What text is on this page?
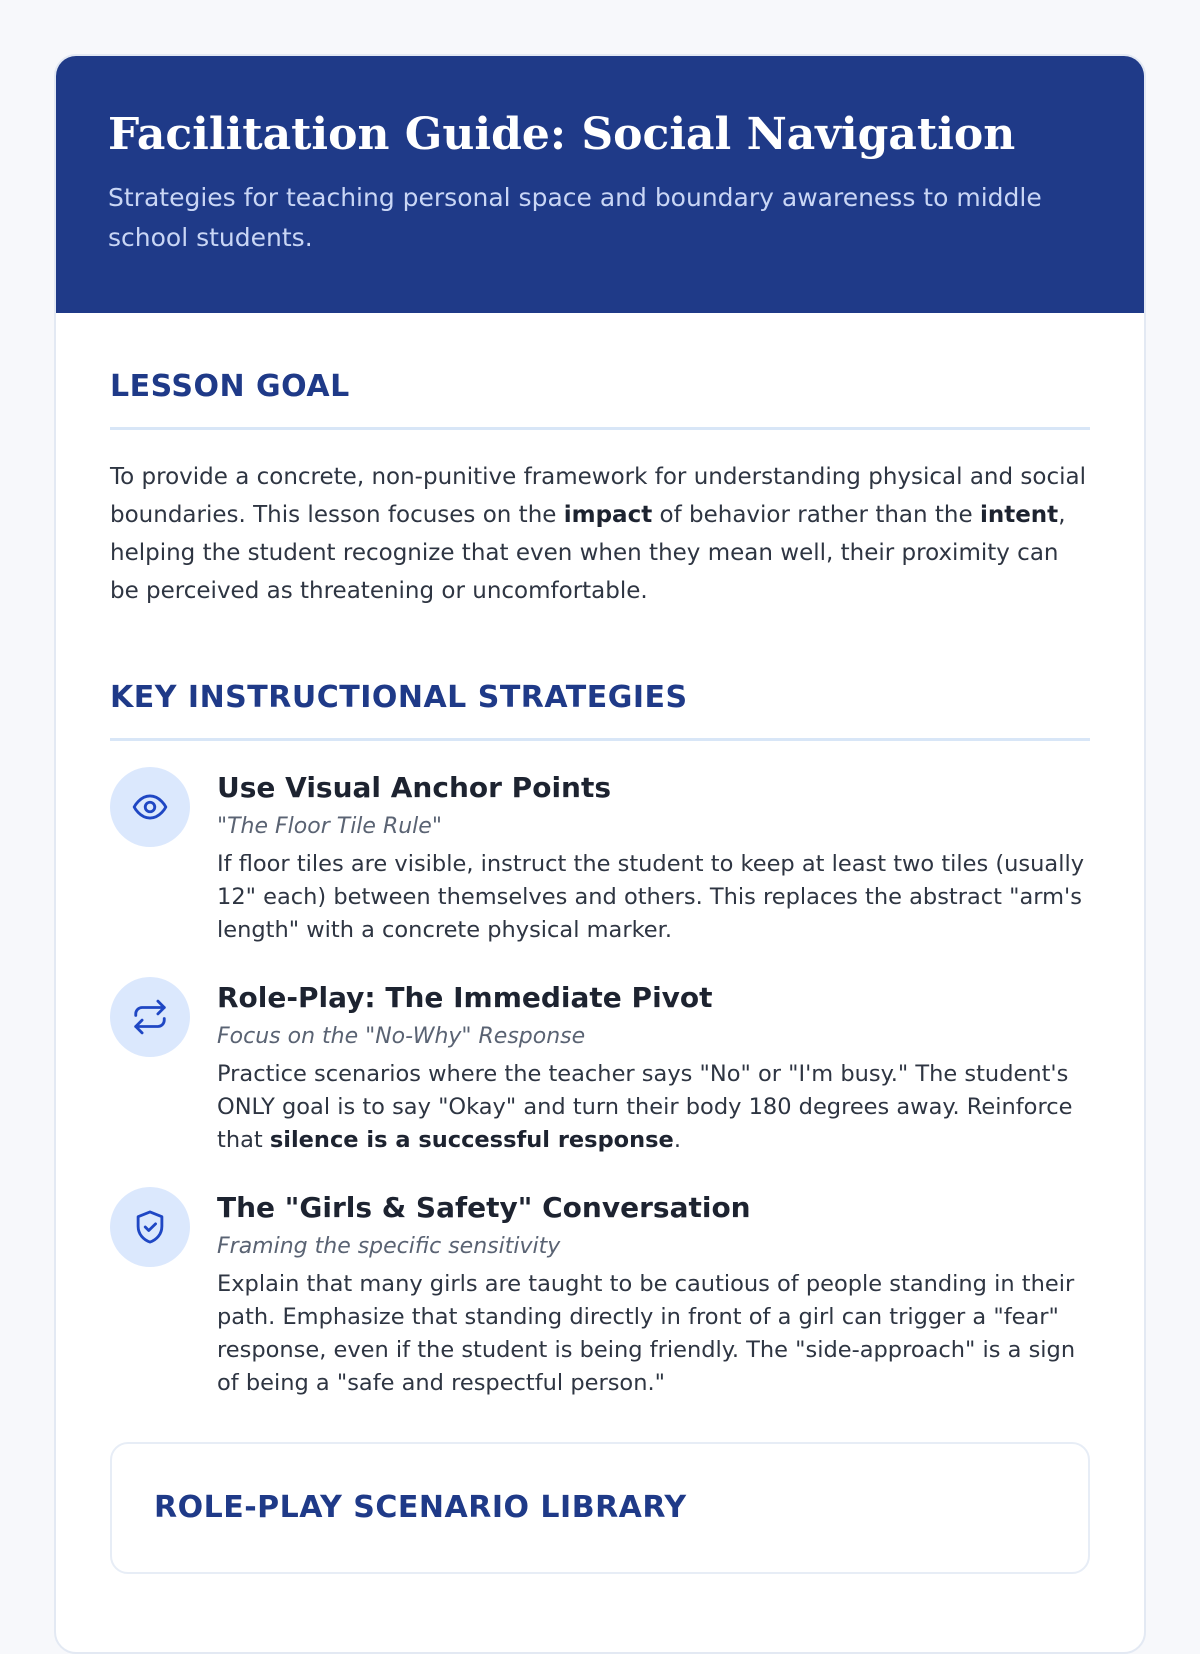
Facilitation Guide: Social Navigation
Strategies for teaching personal space and boundary awareness to middle school students.
LESSON GOAL

To provide a concrete, non-punitive framework for understanding physical and social boundaries. This lesson focuses on the impact of behavior rather than the intent, helping the student recognize that even when they mean well, their proximity can be perceived as threatening or uncomfortable.

KEY INSTRUCTIONAL STRATEGIES
Use Visual Anchor Points
"The Floor Tile Rule"
If floor tiles are visible, instruct the student to keep at least two tiles (usually 12" each) between themselves and others. This replaces the abstract "arm's length" with a concrete physical marker.
Role-Play: The Immediate Pivot
Focus on the "No-Why" Response
Practice scenarios where the teacher says "No" or "I'm busy." The student's ONLY goal is to say "Okay" and turn their body 180 degrees away. Reinforce that silence is a successful response.
The "Girls & Safety" Conversation
Framing the specific sensitivity
Explain that many girls are taught to be cautious of people standing in their path. Emphasize that standing directly in front of a girl can trigger a "fear" response, even if the student is being friendly. The "side-approach" is a sign of being a "safe and respectful person."
ROLE-PLAY SCENARIO LIBRARY
